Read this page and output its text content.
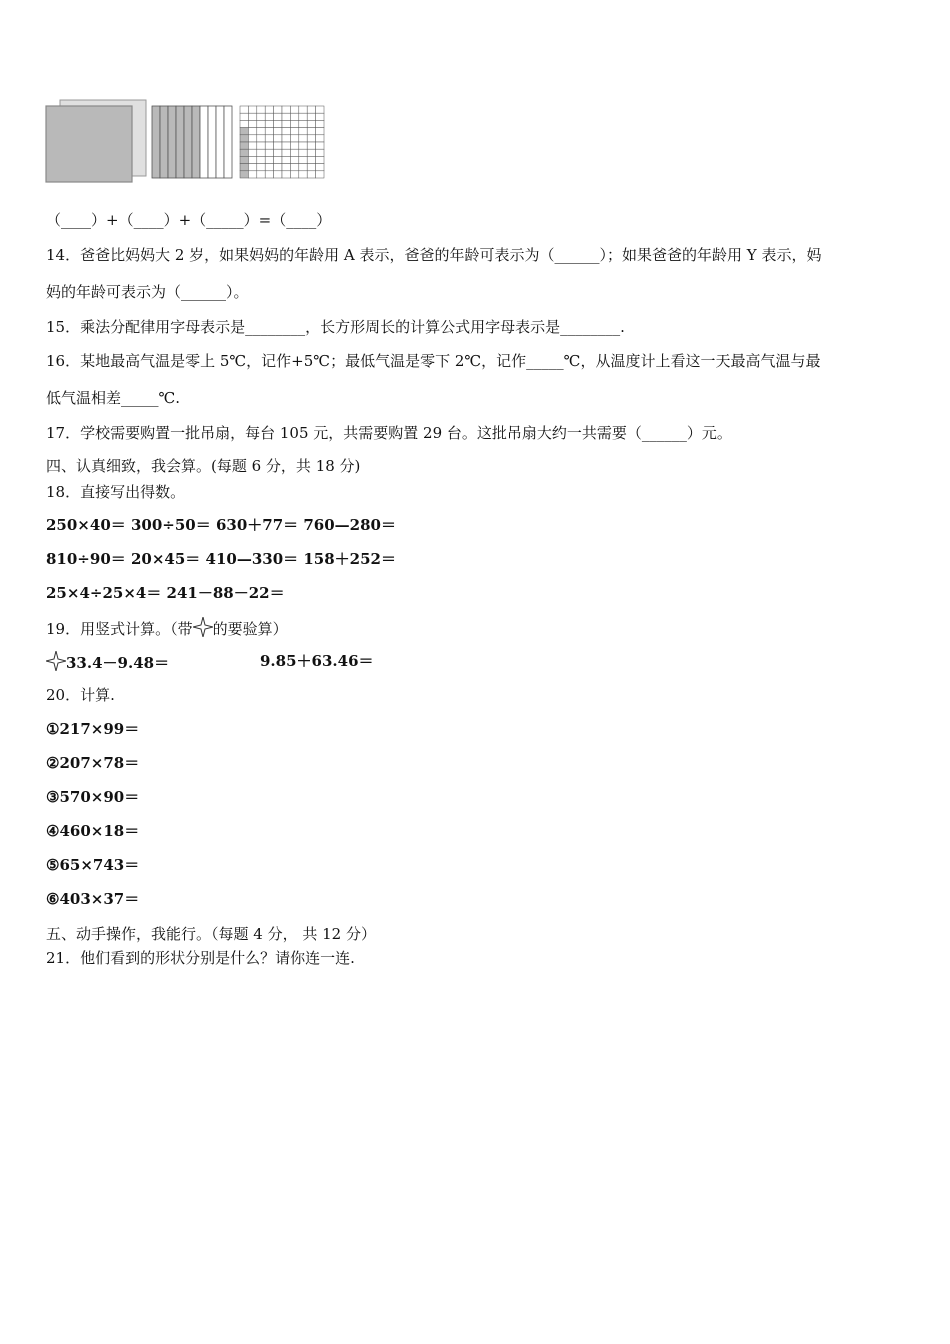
（____）+（____）+（_____）=（____）
14．爸爸比妈妈大 2 岁，如果妈妈的年龄用 A 表示，爸爸的年龄可表示为（______）；如果爸爸的年龄用 Y 表示，妈
妈的年龄可表示为（______）。
15．乘法分配律用字母表示是________，长方形周长的计算公式用字母表示是________.
16．某地最高气温是零上 5℃，记作+5℃；最低气温是零下 2℃，记作_____℃，从温度计上看这一天最高气温与最
低气温相差_____℃.
17．学校需要购置一批吊扇，每台 105 元，共需要购置 29 台。这批吊扇大约一共需要（______）元。
四、认真细致，我会算。(每题 6 分，共 18 分)
18．直接写出得数。
250×40＝ 300÷50＝ 630＋77＝ 760—280＝
810÷90＝ 20×45＝ 410—330＝ 158＋252＝
25×4÷25×4＝ 241－88－22＝
19．用竖式计算。（带 的要验算）
33.4－9.48＝	9.85＋63.46＝
20．计算.
①217×99＝
②207×78＝
③570×90＝
④460×18＝
⑤65×743＝
⑥403×37＝
五、动手操作，我能行。（每题 4 分， 共 12 分）
21．他们看到的形状分别是什么？请你连一连.
